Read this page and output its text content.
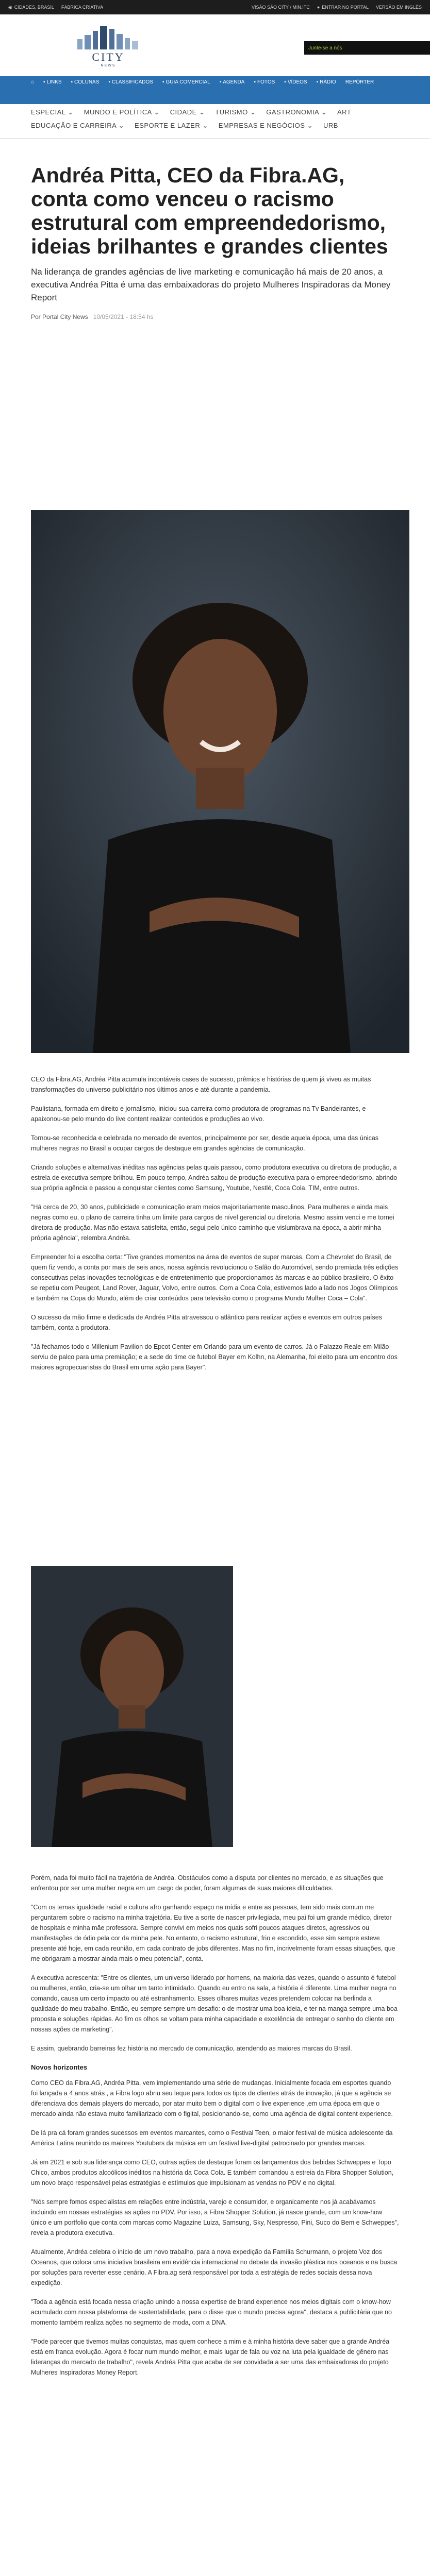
◉ CIDADES, BRASIL FÁBRICA CRIATIVA	VISÃO SÃO CITY / MIN.ITC ● ENTRAR NO PORTAL VERSÃO EM INGLÊS
CITY
NEWS
Junte-se a nós
⌂ ▪ LINKS ▪ COLUNAS ▪ CLASSIFICADOS ▪ GUIA COMERCIAL ▪ AGENDA ▪ FOTOS ▪ VÍDEOS ▪ RÁDIO REPÓRTER
ESPECIAL ⌄ MUNDO E POLÍTICA ⌄ CIDADE ⌄ TURISMO ⌄ GASTRONOMIA ⌄ ART
EDUCAÇÃO E CARREIRA ⌄ ESPORTE E LAZER ⌄ EMPRESAS E NEGÓCIOS ⌄ URB
Andréa Pitta, CEO da Fibra.AG, conta como venceu o racismo estrutural com empreendedorismo, ideias brilhantes e grandes clientes

Na liderança de grandes agências de live marketing e comunicação há mais de 20 anos, a executiva Andréa Pitta é uma das embaixadoras do projeto Mulheres Inspiradoras da Money Report

Por Portal City News 10/05/2021 - 18:54 hs

CEO da Fibra.AG, Andréa Pitta acumula incontáveis cases de sucesso, prêmios e histórias de quem já viveu as muitas transformações do universo publicitário nos últimos anos e até durante a pandemia.

Paulistana, formada em direito e jornalismo, iniciou sua carreira como produtora de programas na Tv Bandeirantes, e apaixonou-se pelo mundo do live content realizar conteúdos e produções ao vivo.

Tornou-se reconhecida e celebrada no mercado de eventos, principalmente por ser, desde aquela época, uma das únicas mulheres negras no Brasil a ocupar cargos de destaque em grandes agências de comunicação.

Criando soluções e alternativas inéditas nas agências pelas quais passou, como produtora executiva ou diretora de produção, a estrela de executiva sempre brilhou. Em pouco tempo, Andréa saltou de produção executiva para o empreendedorismo, abrindo sua própria agência e passou a conquistar clientes como Samsung, Youtube, Nestlé, Coca Cola, TIM, entre outros.

"Há cerca de 20, 30 anos, publicidade e comunicação eram meios majoritariamente masculinos. Para mulheres e ainda mais negras como eu, o plano de carreira tinha um limite para cargos de nível gerencial ou diretoria. Mesmo assim venci e me tornei diretora de produção. Mas não estava satisfeita, então, segui pelo único caminho que vislumbrava na época, a abrir minha própria agência", relembra Andréa.

Empreender foi a escolha certa: "Tive grandes momentos na área de eventos de super marcas. Com a Chevrolet do Brasil, de quem fiz vendo, a conta por mais de seis anos, nossa agência revolucionou o Salão do Automóvel, sendo premiada três edições consecutivas pelas inovações tecnológicas e de entretenimento que proporcionamos às marcas e ao público brasileiro. O êxito se repetiu com Peugeot, Land Rover, Jaguar, Volvo, entre outros. Com a Coca Cola, estivemos lado a lado nos Jogos Olímpicos e também na Copa do Mundo, além de criar conteúdos para televisão como o programa Mundo Mulher Coca – Cola".

O sucesso da mão firme e dedicada de Andréa Pitta atravessou o atlântico para realizar ações e eventos em outros países também, conta a produtora.

"Já fechamos todo o Millenium Pavilion do Epcot Center em Orlando para um evento de carros. Já o Palazzo Reale em Milão serviu de palco para uma premiação; e a sede do time de futebol Bayer em Kolhn, na Alemanha, foi eleito para um encontro dos maiores agropecuaristas do Brasil em uma ação para Bayer".

Porém, nada foi muito fácil na trajetória de Andréa. Obstáculos como a disputa por clientes no mercado, e as situações que enfrentou por ser uma mulher negra em um cargo de poder, foram algumas de suas maiores dificuldades.

"Com os temas igualdade racial e cultura afro ganhando espaço na mídia e entre as pessoas, tem sido mais comum me perguntarem sobre o racismo na minha trajetória. Eu tive a sorte de nascer privilegiada, meu pai foi um grande médico, diretor de hospitais e minha mãe professora. Sempre convivi em meios nos quais sofri poucos ataques diretos, agressivos ou manifestações de ódio pela cor da minha pele. No entanto, o racismo estrutural, frio e escondido, esse sim sempre esteve presente até hoje, em cada reunião, em cada contrato de jobs diferentes. Mas no fim, incrivelmente foram essas situações, que me obrigaram a mostrar ainda mais o meu potencial", conta.

A executiva acrescenta: "Entre os clientes, um universo liderado por homens, na maioria das vezes, quando o assunto é futebol ou mulheres, então, cria-se um olhar um tanto intimidado. Quando eu entro na sala, a história é diferente. Uma mulher negra no comando, causa um certo impacto ou até estranhamento. Esses olhares muitas vezes pretendem colocar na berlinda a qualidade do meu trabalho. Então, eu sempre sempre um desafio: o de mostrar uma boa ideia, e ter na manga sempre uma boa proposta e soluções rápidas. Ao fim os olhos se voltam para minha capacidade e excelência de entregar o sonho do cliente em nossas ações de marketing".

E assim, quebrando barreiras fez história no mercado de comunicação, atendendo as maiores marcas do Brasil.

Novos horizontes

Como CEO da Fibra.AG, Andréa Pitta, vem implementando uma série de mudanças. Inicialmente focada em esportes quando foi lançada a 4 anos atrás , a Fibra logo abriu seu leque para todos os tipos de clientes atrás de inovação, já que a agência se diferenciava dos demais players do mercado, por atar muito bem o digital com o live experience ,em uma época em que o mercado ainda não estava muito familiarizado com o figital, posicionando-se, como uma agência de digital content experience.

De lá pra cá foram grandes sucessos em eventos marcantes, como o Festival Teen, o maior festival de música adolescente da América Latina reunindo os maiores Youtubers da música em um festival live-digital patrocinado por grandes marcas.

Já em 2021 e sob sua liderança como CEO, outras ações de destaque foram os lançamentos dos bebidas Schweppes e Topo Chico, ambos produtos alcoólicos inéditos na história da Coca Cola. E também comandou a estreia da Fibra Shopper Solution, um novo braço responsável pelas estratégias e estímulos que impulsionam as vendas no PDV e no digital.

"Nós sempre fomos especialistas em relações entre indústria, varejo e consumidor, e organicamente nos já acabávamos incluindo em nossas estratégias as ações no PDV. Por isso, a Fibra Shopper Solution, já nasce grande, com um know-how único e um portfolio que conta com marcas como Magazine Luiza, Samsung, Sky, Nespresso, Pini, Suco do Bem e Schweppes", revela a produtora executiva.

Atualmente, Andréa celebra o início de um novo trabalho, para a nova expedição da Família Schurmann, o projeto Voz dos Oceanos, que coloca uma iniciativa brasileira em evidência internacional no debate da invasão plástica nos oceanos e na busca por soluções para reverter esse cenário. A Fibra.ag será responsável por toda a estratégia de redes sociais dessa nova expedição.

"Toda a agência está focada nessa criação unindo a nossa expertise de brand experience nos meios digitais com o know-how acumulado com nossa plataforma de sustentabilidade, para o disse que o mundo precisa agora", destaca a publicitária que no momento também realiza ações no segmento de moda, com a DNA.

"Pode parecer que tivemos muitas conquistas, mas quem conhece a mim e à minha história deve saber que a grande Andréa está em franca evolução. Agora é focar num mundo melhor, e mais lugar de fala ou voz na luta pela igualdade de gênero nas lideranças do mercado de trabalho", revela Andréa Pitta que acaba de ser convidada a ser uma das embaixadoras do projeto Mulheres Inspiradoras Money Report.
